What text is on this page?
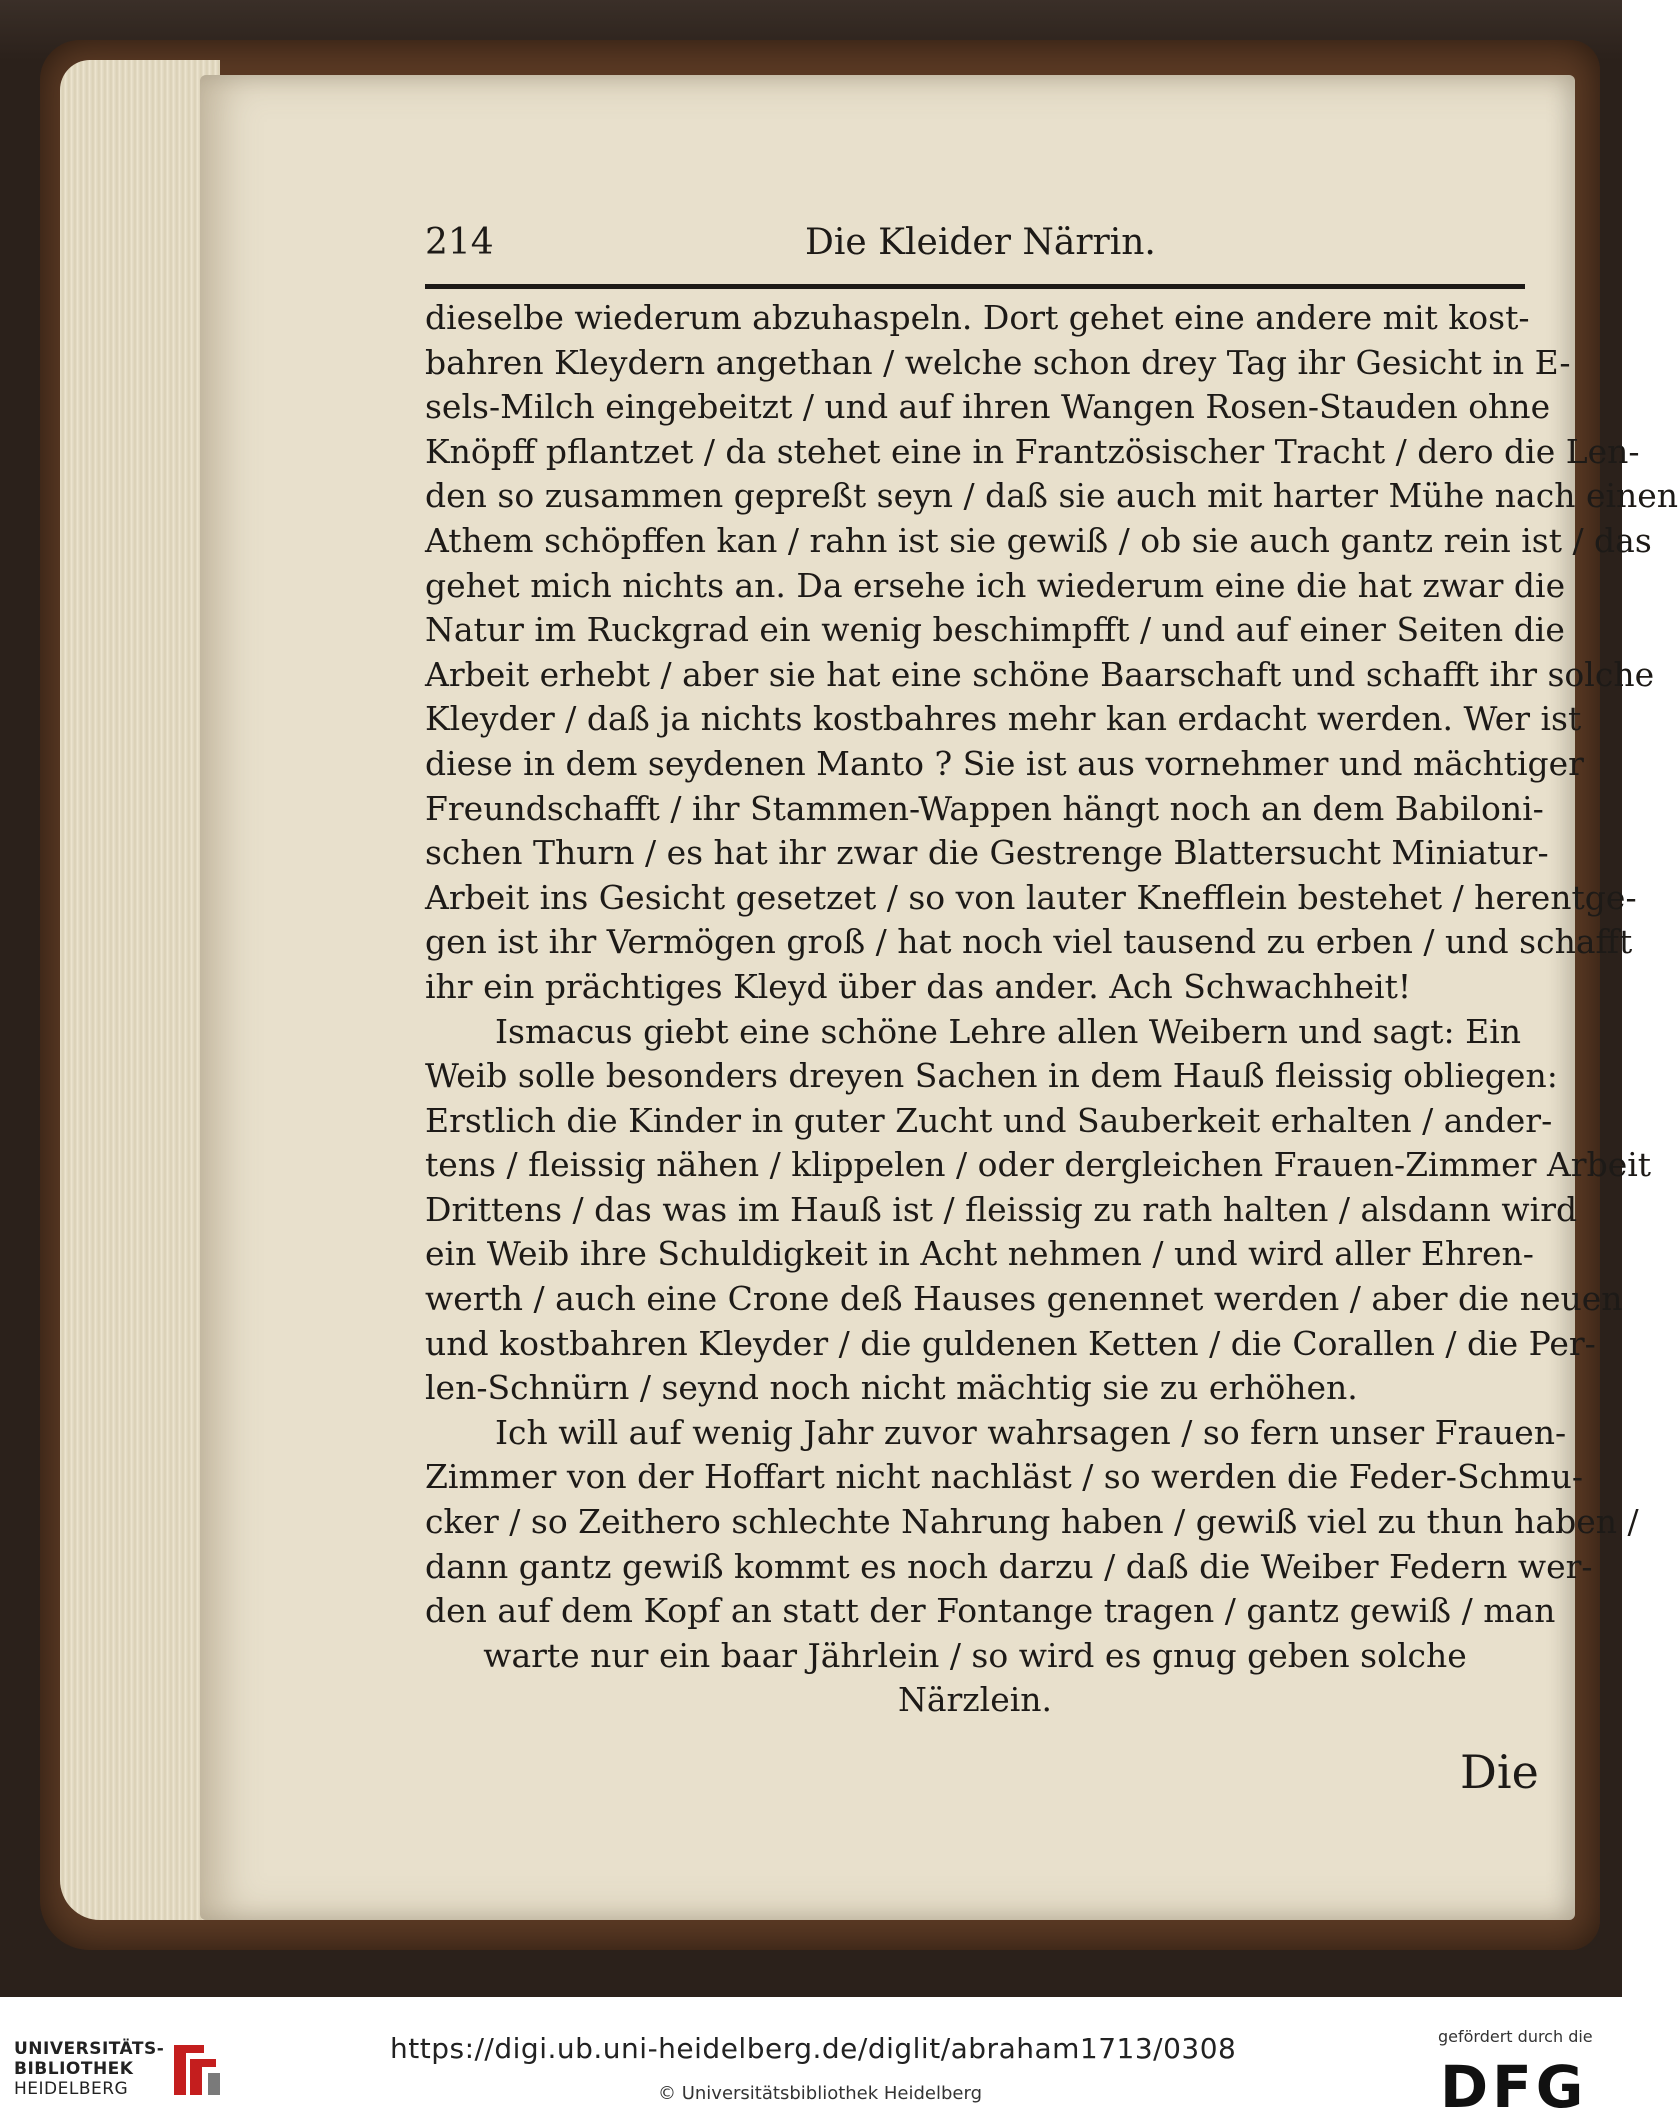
214	Die Kleider Närrin.
dieselbe wiederum abzuhaspeln. Dort gehet eine andere mit kost-
bahren Kleydern angethan / welche schon drey Tag ihr Gesicht in E-
sels-Milch eingebeitzt / und auf ihren Wangen Rosen-Stauden ohne
Knöpff pflantzet / da stehet eine in Frantzösischer Tracht / dero die Len-
den so zusammen gepreßt seyn / daß sie auch mit harter Mühe nach einen
Athem schöpffen kan / rahn ist sie gewiß / ob sie auch gantz rein ist / das
gehet mich nichts an. Da ersehe ich wiederum eine die hat zwar die
Natur im Ruckgrad ein wenig beschimpfft / und auf einer Seiten die
Arbeit erhebt / aber sie hat eine schöne Baarschaft und schafft ihr solche
Kleyder / daß ja nichts kostbahres mehr kan erdacht werden. Wer ist
diese in dem seydenen Manto ? Sie ist aus vornehmer und mächtiger
Freundschafft / ihr Stammen-Wappen hängt noch an dem Babiloni-
schen Thurn / es hat ihr zwar die Gestrenge Blattersucht Miniatur-
Arbeit ins Gesicht gesetzet / so von lauter Knefflein bestehet / herentge-
gen ist ihr Vermögen groß / hat noch viel tausend zu erben / und schafft
ihr ein prächtiges Kleyd über das ander. Ach Schwachheit!
Ismacus giebt eine schöne Lehre allen Weibern und sagt: Ein
Weib solle besonders dreyen Sachen in dem Hauß fleissig obliegen:
Erstlich die Kinder in guter Zucht und Sauberkeit erhalten / ander-
tens / fleissig nähen / klippelen / oder dergleichen Frauen-Zimmer Arbeit
Drittens / das was im Hauß ist / fleissig zu rath halten / alsdann wird
ein Weib ihre Schuldigkeit in Acht nehmen / und wird aller Ehren-
werth / auch eine Crone deß Hauses genennet werden / aber die neuen
und kostbahren Kleyder / die guldenen Ketten / die Corallen / die Per-
len-Schnürn / seynd noch nicht mächtig sie zu erhöhen.
Ich will auf wenig Jahr zuvor wahrsagen / so fern unser Frauen-
Zimmer von der Hoffart nicht nachläst / so werden die Feder-Schmu-
cker / so Zeithero schlechte Nahrung haben / gewiß viel zu thun haben /
dann gantz gewiß kommt es noch darzu / daß die Weiber Federn wer-
den auf dem Kopf an statt der Fontange tragen / gantz gewiß / man
warte nur ein baar Jährlein / so wird es gnug geben solche
Närzlein.
Die
UNIVERSITÄTS-
BIBLIOTHEK
HEIDELBERG
https://digi.ub.uni-heidelberg.de/diglit/abraham1713/0308
© Universitätsbibliothek Heidelberg
gefördert durch die
DFG
